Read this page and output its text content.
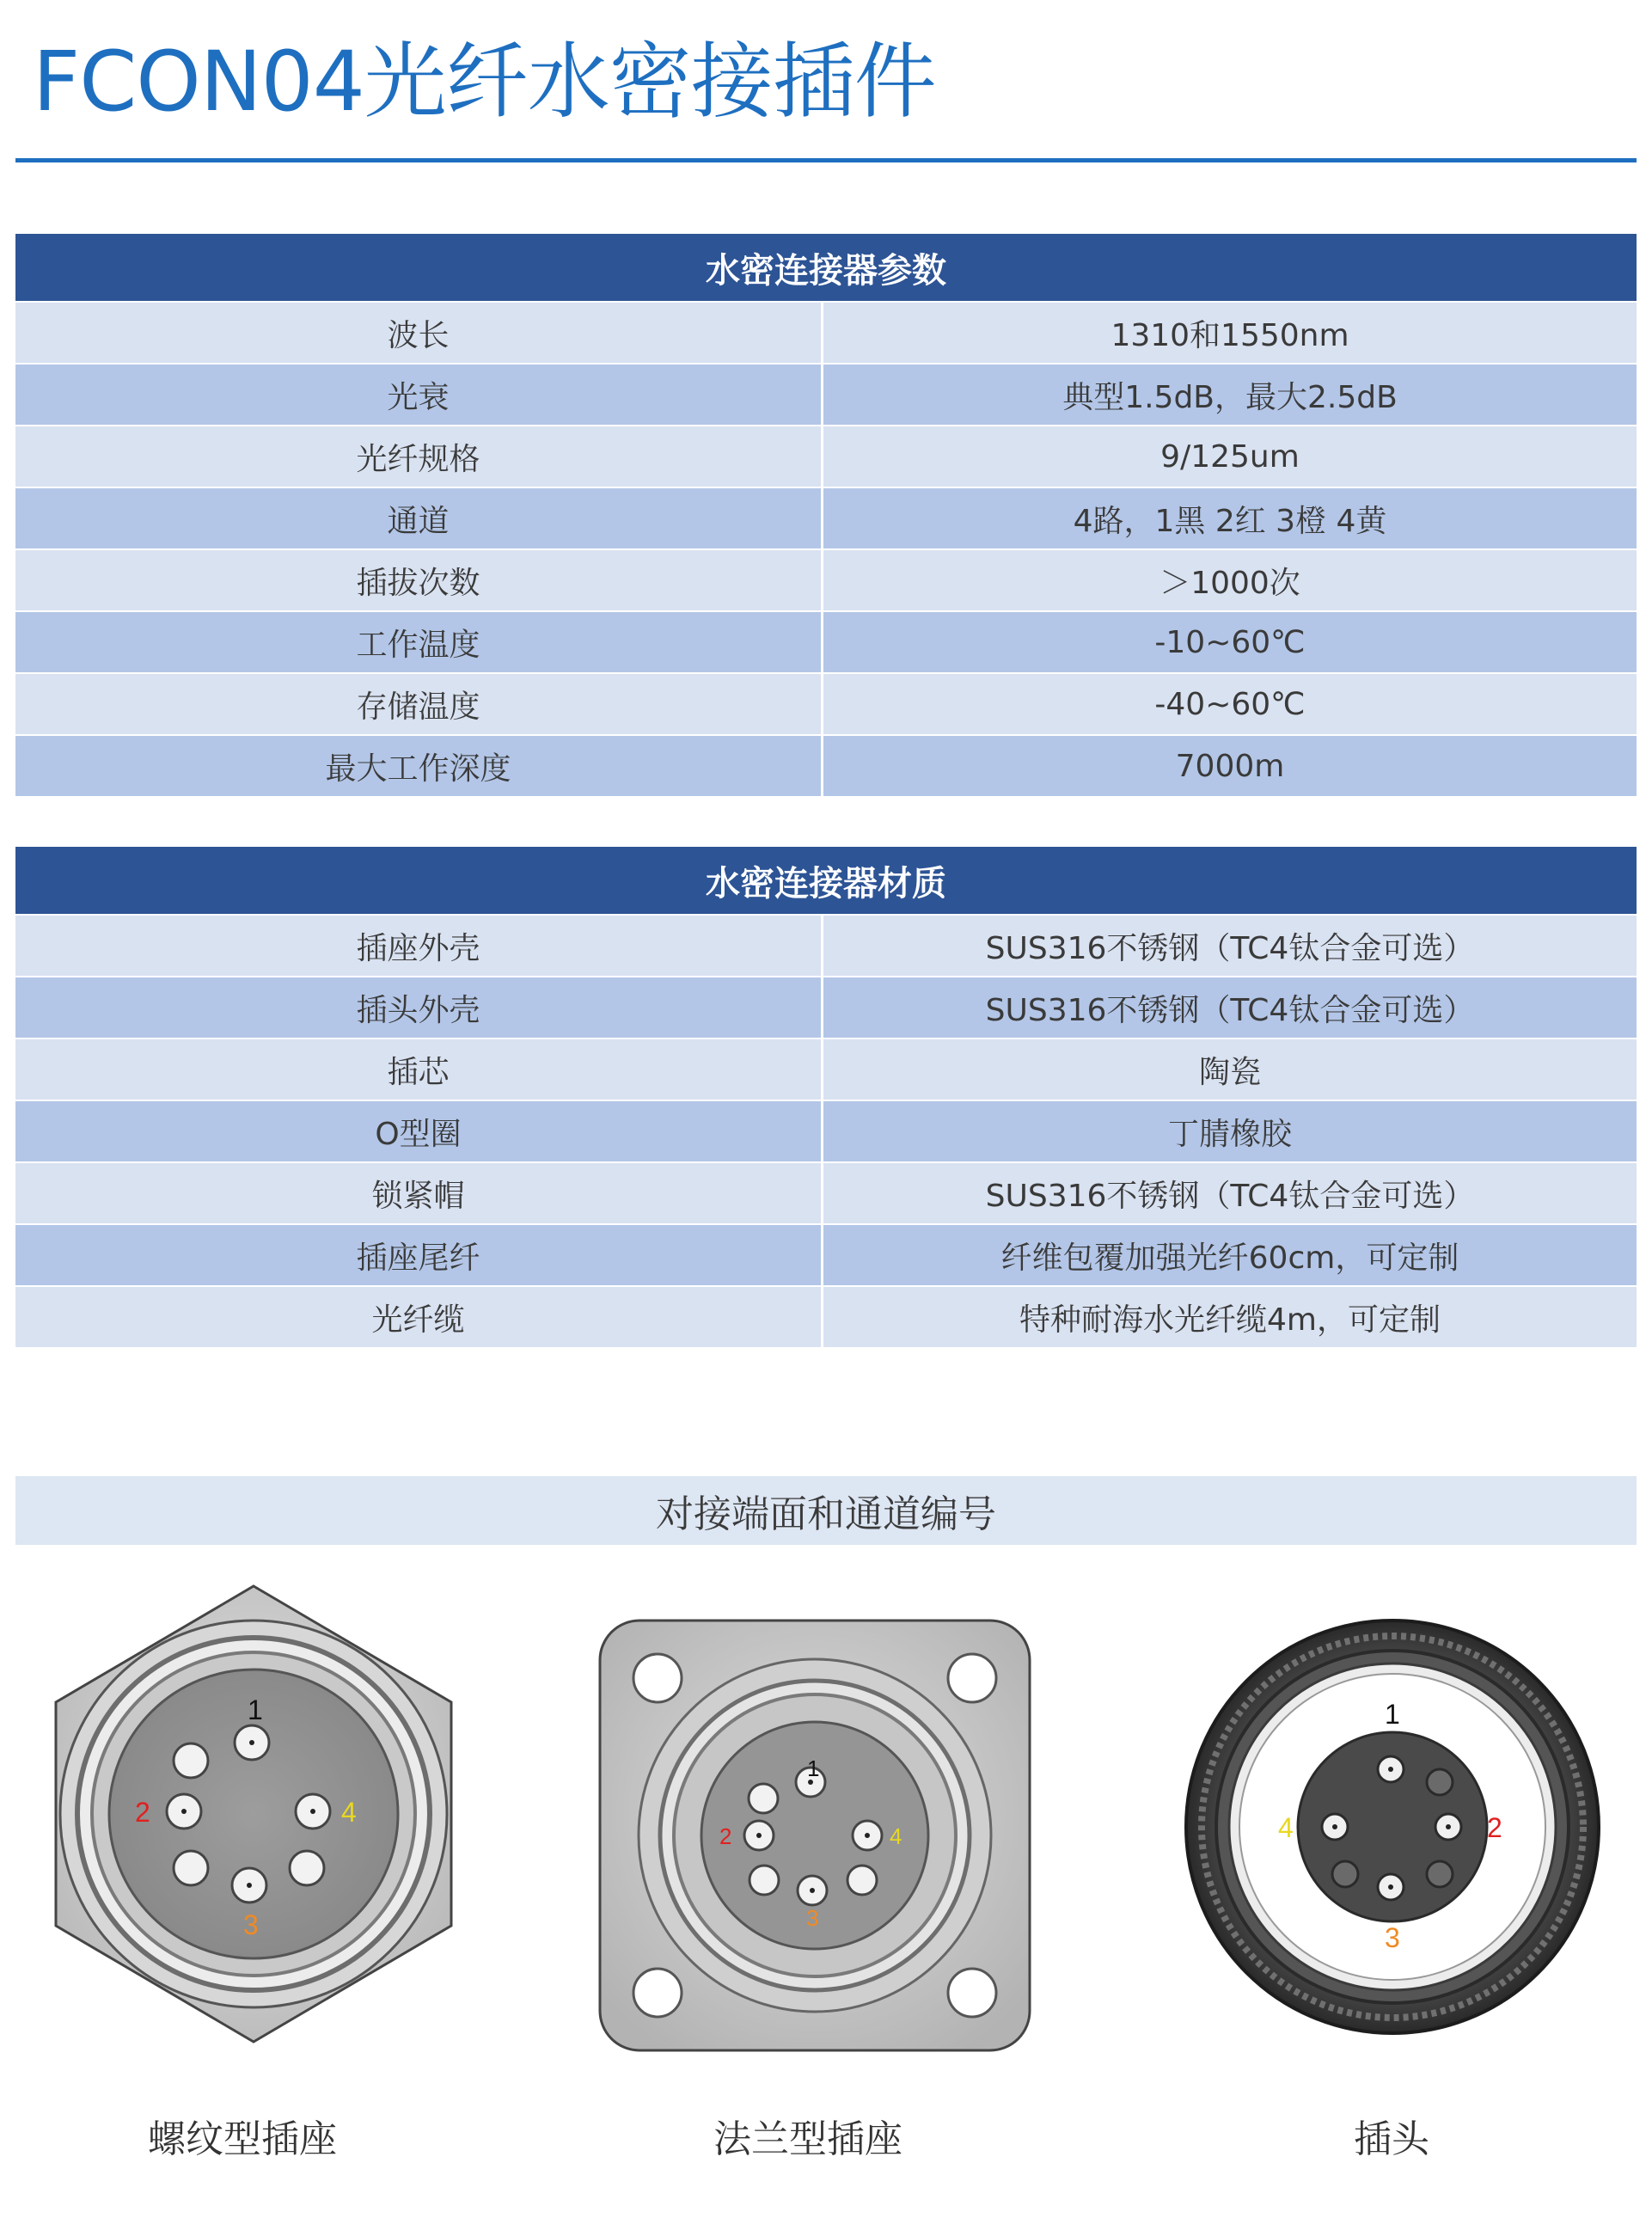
FCON04光纤水密接插件
水密连接器参数
波长	1310和1550nm
光衰	典型1.5dB，最大2.5dB
光纤规格	9/125um
通道	4路，1黑 2红 3橙 4黄
插拔次数	＞1000次
工作温度	-10~60℃
存储温度	-40~60℃
最大工作深度	7000m
水密连接器材质
插座外壳	SUS316不锈钢（TC4钛合金可选）
插头外壳	SUS316不锈钢（TC4钛合金可选）
插芯	陶瓷
O型圈	丁腈橡胶
锁紧帽	SUS316不锈钢（TC4钛合金可选）
插座尾纤	纤维包覆加强光纤60cm，可定制
光纤缆	特种耐海水光纤缆4m，可定制
对接端面和通道编号
1
2
3
4
螺纹型插座
1
2
3
4
法兰型插座
1
2
3
4
插头
